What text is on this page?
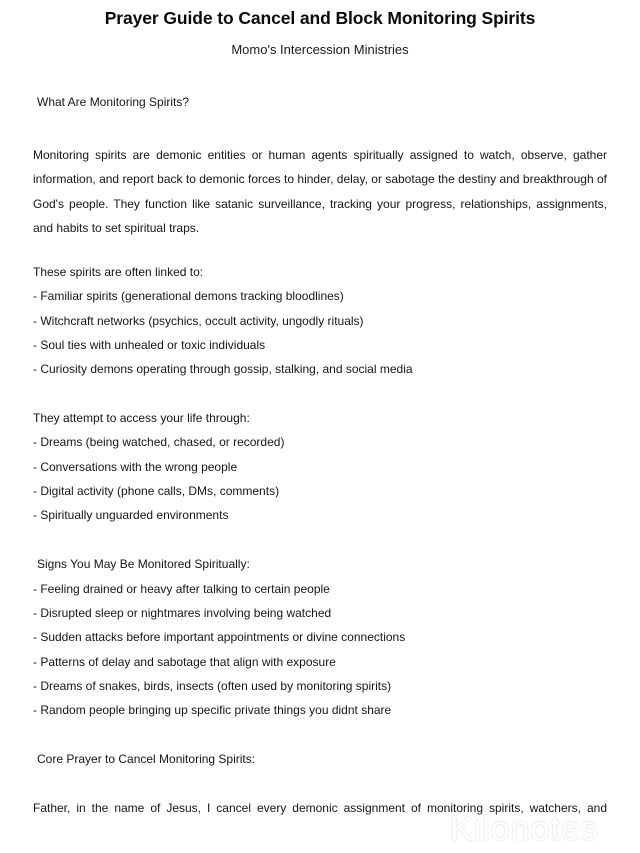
Prayer Guide to Cancel and Block Monitoring Spirits
Momo's Intercession Ministries
What Are Monitoring Spirits?
Monitoring spirits are demonic entities or human agents spiritually assigned to watch, observe, gather information, and report back to demonic forces to hinder, delay, or sabotage the destiny and breakthrough of God's people. They function like satanic surveillance, tracking your progress, relationships, assignments, and habits to set spiritual traps.
These spirits are often linked to:
- Familiar spirits (generational demons tracking bloodlines)
- Witchcraft networks (psychics, occult activity, ungodly rituals)
- Soul ties with unhealed or toxic individuals
- Curiosity demons operating through gossip, stalking, and social media
They attempt to access your life through:
- Dreams (being watched, chased, or recorded)
- Conversations with the wrong people
- Digital activity (phone calls, DMs, comments)
- Spiritually unguarded environments
Signs You May Be Monitored Spiritually:
- Feeling drained or heavy after talking to certain people
- Disrupted sleep or nightmares involving being watched
- Sudden attacks before important appointments or divine connections
- Patterns of delay and sabotage that align with exposure
- Dreams of snakes, birds, insects (often used by monitoring spirits)
- Random people bringing up specific private things you didnt share
Core Prayer to Cancel Monitoring Spirits:
Father, in the name of Jesus, I cancel every demonic assignment of monitoring spirits, watchers, and
Kilonotes
